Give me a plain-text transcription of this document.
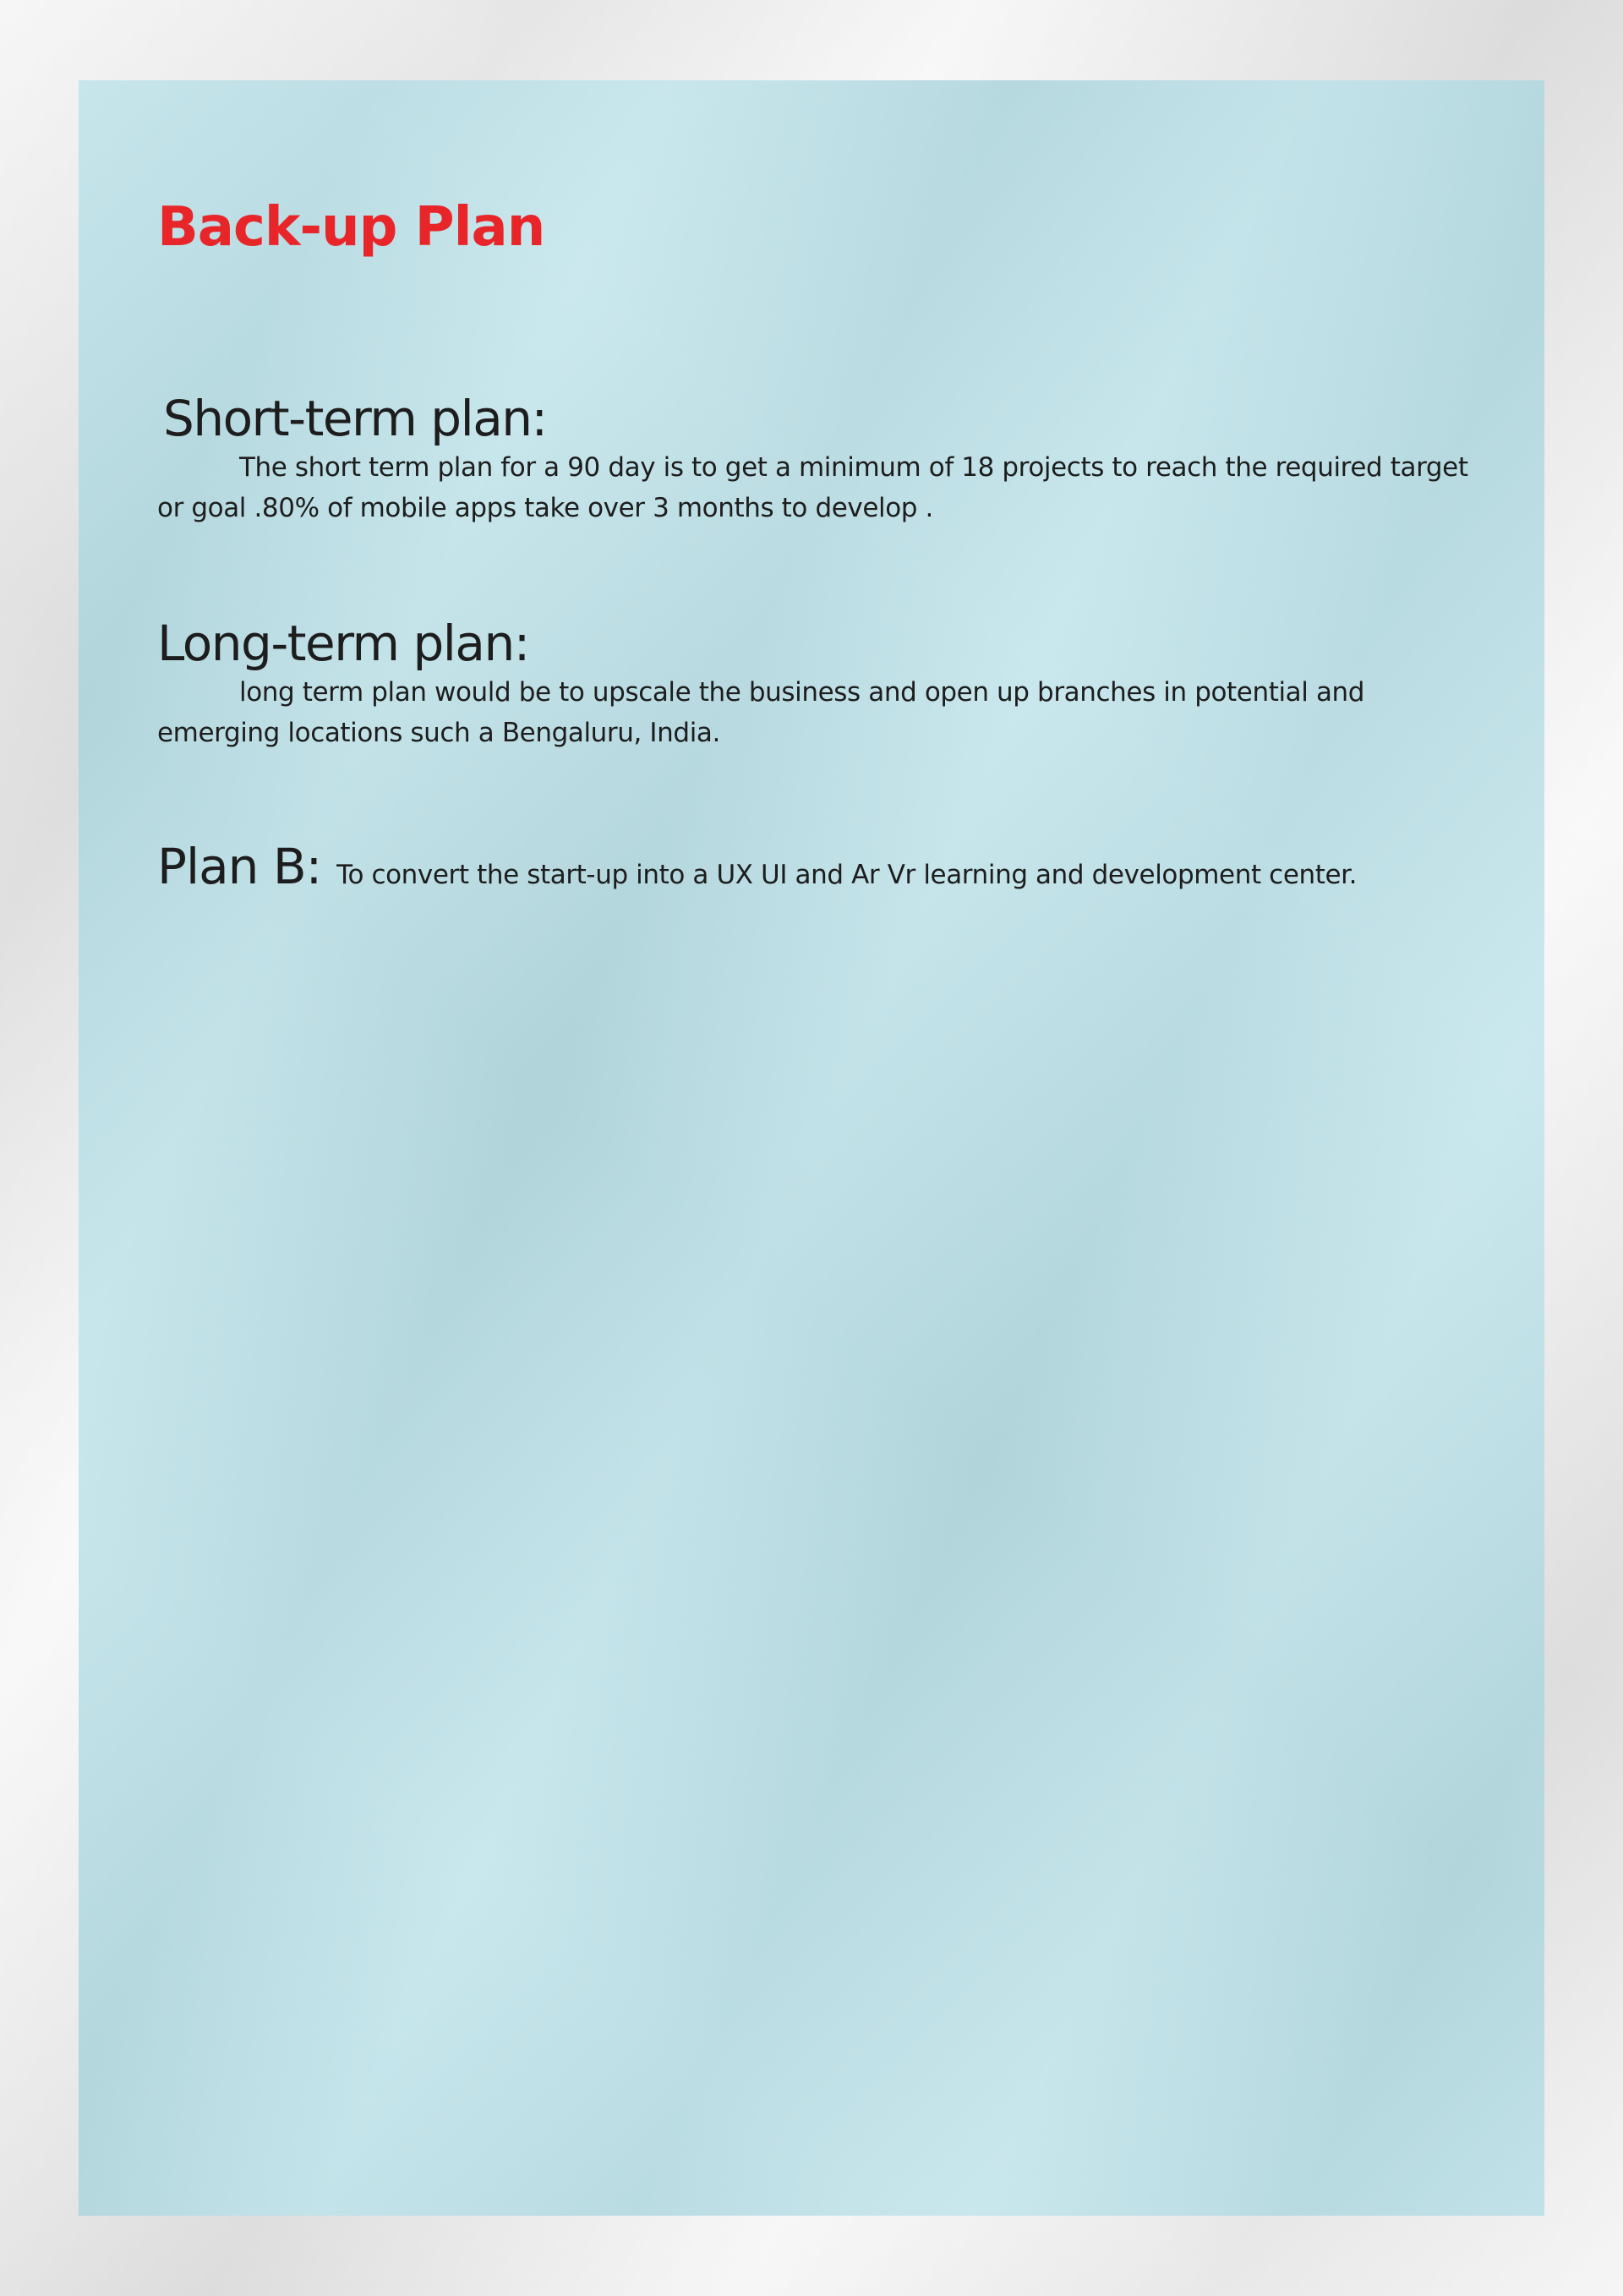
Back-up Plan
Short-term plan:

The short term plan for a 90 day is to get a minimum of 18 projects to reach the required target or goal .80% of mobile apps take over 3 months to develop .

Long-term plan:

long term plan would be to upscale the business and open up branches in potential and emerging locations such a Bengaluru, India.

Plan B: To convert the start-up into a UX UI and Ar Vr learning and development center.
